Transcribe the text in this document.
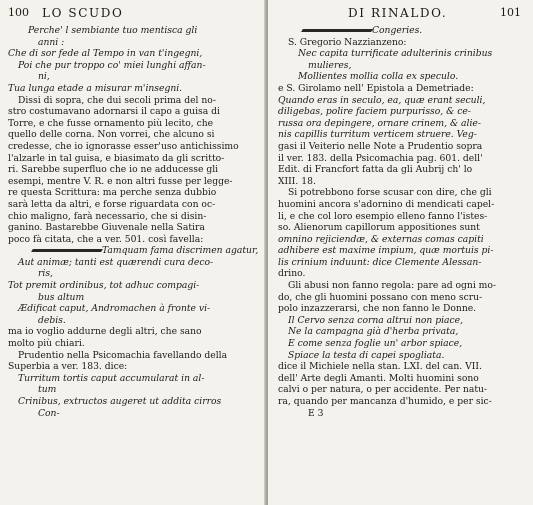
100 LO SCUDO
Perche' l sembiante tuo mentisca gli
anni :
Che di sor fede al Tempo in van t'ingegni,
Poi che pur troppo co' miei lunghi affan-
ni,
Tua lunga etade a misurar m'insegni.
Dissi di sopra, che dui secoli prima del no-
stro costumavano adornarsi il capo a guisa di
Torre, e che fusse ornamento più lecito, che
quello delle corna. Non vorrei, che alcuno si
credesse, che io ignorasse esser'uso antichissimo
l'alzarle in tal guisa, e biasimato da gli scritto-
ri. Sarebbe superfluo che io ne adducesse gli
esempi, mentre V. R. e non altri fusse per legge-
re questa Scrittura: ma perche senza dubbio
sarà letta da altri, e forse riguardata con oc-
chio maligno, farà necessario, che si disin-
ganino. Bastarebbe Giuvenale nella Satira
poco fà citata, che a ver. 501. così favella:
Tamquam fama discrimen agatur,
Aut animæ; tanti est quærendi cura deco-
ris,
Tot premit ordinibus, tot adhuc compagi-
bus altum
Ædificat caput, Andromachen à fronte vi-
debis.
ma io voglio addurne degli altri, che sano
molto più chiari.
Prudentio nella Psicomachia favellando della
Superbia a ver. 183. dice:
Turritum tortis caput accumularat in al-
tum
Crinibus, extructos augeret ut addita cirros
Con-
DI RINALDO.	101
Congeries.
S. Gregorio Nazzianzeno:
Nec capita turrificate adulterinis crinibus
mulieres,
Mollientes mollia colla ex speculo.
e S. Girolamo nell' Epistola a Demetriade:
Quando eras in seculo, ea, quæ erant seculi,
diligebas, polire faciem purpurisso, & ce-
russa ora depingere, ornare crinem, & alie-
nis capillis turritum verticem struere. Veg-
gasi il Veiterio nelle Note a Prudentio sopra
il ver. 183. della Psicomachia pag. 601. dell'
Edit. di Francfort fatta da gli Aubrij ch' lo
XIII. 18.
Si potrebbono forse scusar con dire, che gli
huomini ancora s'adornino di mendicati capel-
li, e che col loro esempio elleno fanno l'istes-
so. Alienorum capillorum appositiones sunt
omnino rejiciendæ, & externas comas capiti
adhibere est maxime impium, quæ mortuis pi-
lis crinium induunt: dice Clemente Alessan-
drino.
Gli abusi non fanno regola: pare ad ogni mo-
do, che gli huomini possano con meno scru-
polo inzazzerarsi, che non fanno le Donne.
Il Cervo senza corna altrui non piace,
Ne la campagna già d'herba privata,
E come senza foglie un' arbor spiace,
Spiace la testa di capei spogliata.
dice il Michiele nella stan. LXI. del can. VII.
dell' Arte degli Amanti. Molti huomini sono
calvi o per natura, o per accidente. Per natu-
ra, quando per mancanza d'humido, e per sic-
E 3
